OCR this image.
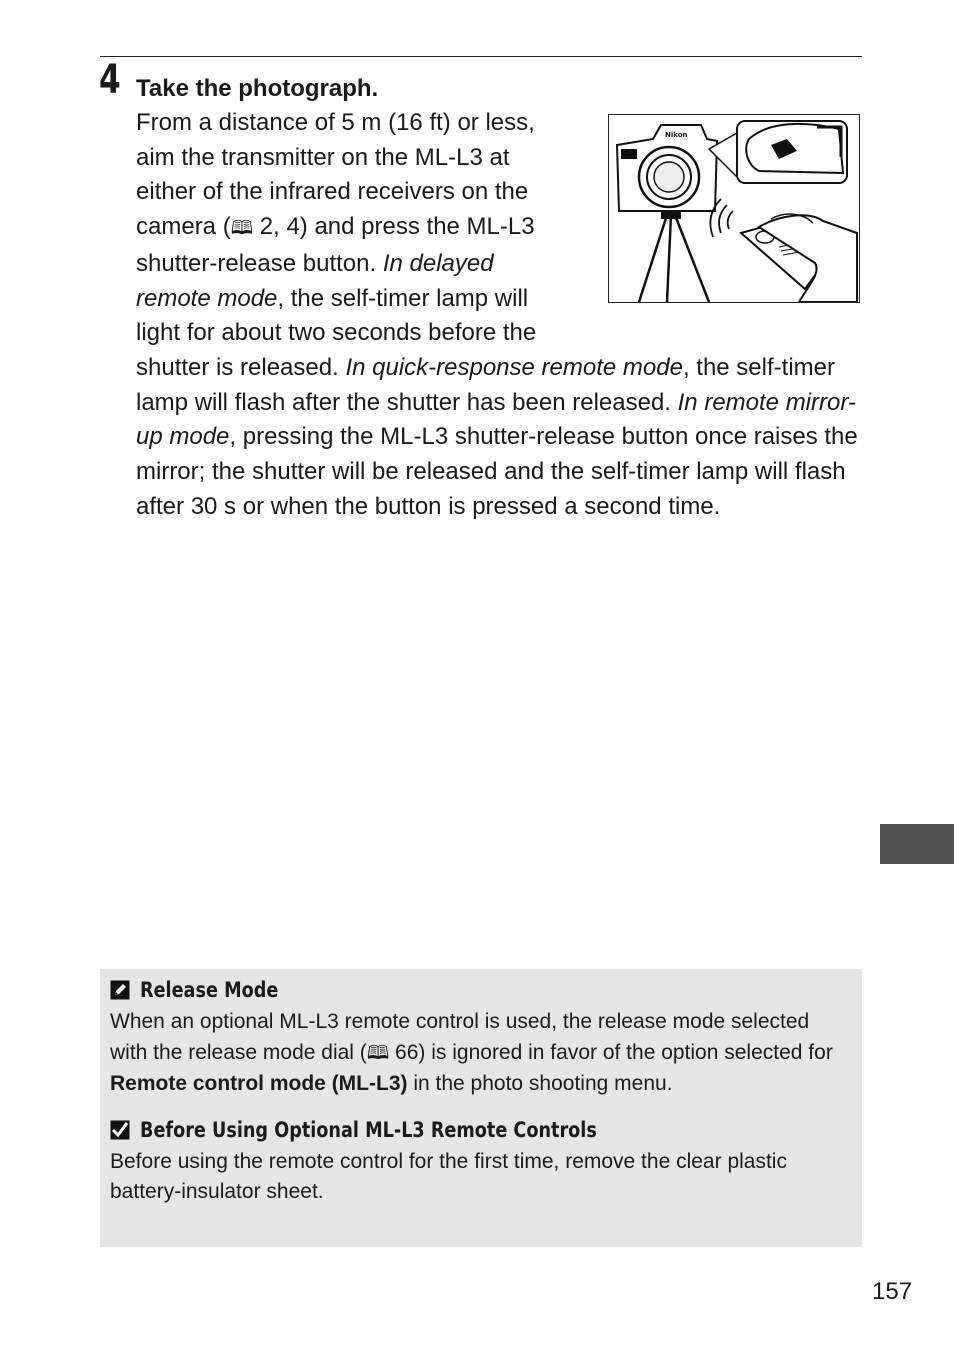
4 Take the photograph.
Nikon

From a distance of 5 m (16 ft) or less,
aim the transmitter on the ML-L3 at
either of the infrared receivers on the
camera (🕮 2, 4) and press the ML-L3
shutter-release button. In delayed
remote mode, the self-timer lamp will
light for about two seconds before the
shutter is released. In quick-response remote mode, the self-timer lamp will flash after the shutter has been released. In remote mirror-up mode, pressing the ML-L3 shutter-release button once raises the mirror; the shutter will be released and the self-timer lamp will flash after 30 s or when the button is pressed a second time.

Release Mode

When an optional ML-L3 remote control is used, the release mode selected with the release mode dial (🕮 66) is ignored in favor of the option selected for Remote control mode (ML-L3) in the photo shooting menu.

Before Using Optional ML-L3 Remote Controls

Before using the remote control for the first time, remove the clear plastic battery-insulator sheet.

157
